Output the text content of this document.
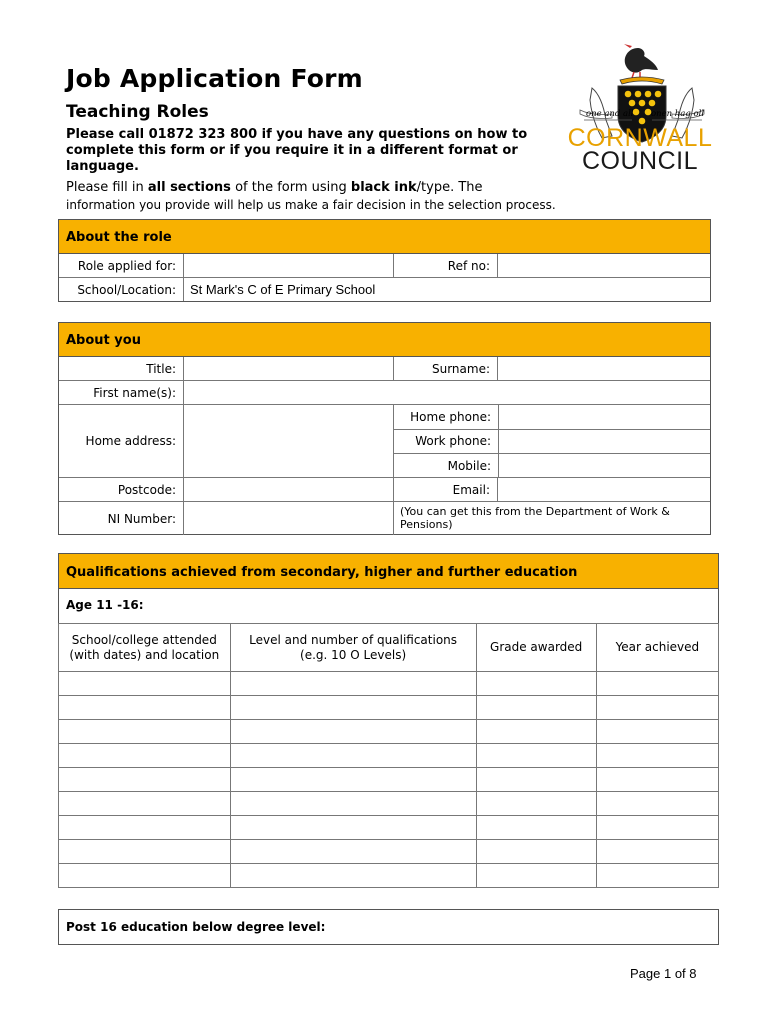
Job Application Form
Teaching Roles
Please call 01872 323 800 if you have any questions on how to complete this form or if you require it in a different format or language.
Please fill in all sections of the form using black ink/type. The
information you provide will help us make a fair decision in the selection process.
one and all onen hag oll
CORNWALL
COUNCIL
About the role
Role applied for:	Ref no:
School/Location:	St Mark's C of E Primary School
About you
Title:	Surname:
First name(s):
Home address:
Home phone:
Work phone:
Mobile:
Postcode:	Email:
NI Number:	(You can get this from the Department of Work & Pensions)
Qualifications achieved from secondary, higher and further education
Age 11 -16:
School/college attended (with dates) and location	Level and number of qualifications (e.g. 10 O Levels)	Grade awarded	Year achieved

Post 16 education below degree level:
Page 1 of 8
